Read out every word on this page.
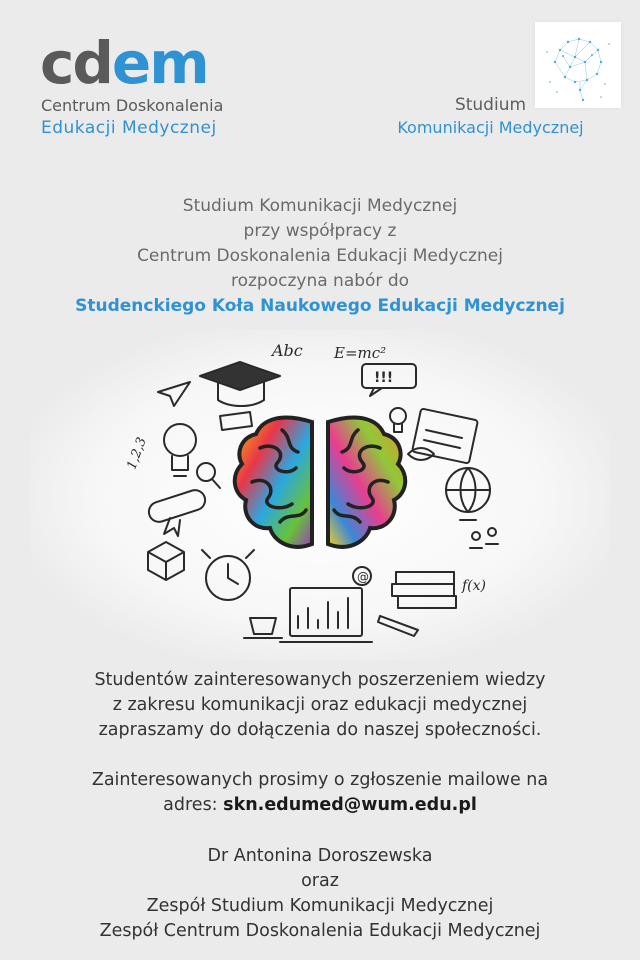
cdem
Centrum Doskonalenia
Edukacji Medycznej
Studium
Komunikacji Medycznej
Studium Komunikacji Medycznej
przy współpracy z
Centrum Doskonalenia Edukacji Medycznej
rozpoczyna nabór do
Studenckiego Koła Naukowego Edukacji Medycznej
Abc E=mc²
1,2,3
f(x)
!!!
@
Studentów zainteresowanych poszerzeniem wiedzy
z zakresu komunikacji oraz edukacji medycznej
zapraszamy do dołączenia do naszej społeczności.
Zainteresowanych prosimy o zgłoszenie mailowe na
adres: skn.edumed@wum.edu.pl
Dr Antonina Doroszewska
oraz
Zespół Studium Komunikacji Medycznej
Zespół Centrum Doskonalenia Edukacji Medycznej
